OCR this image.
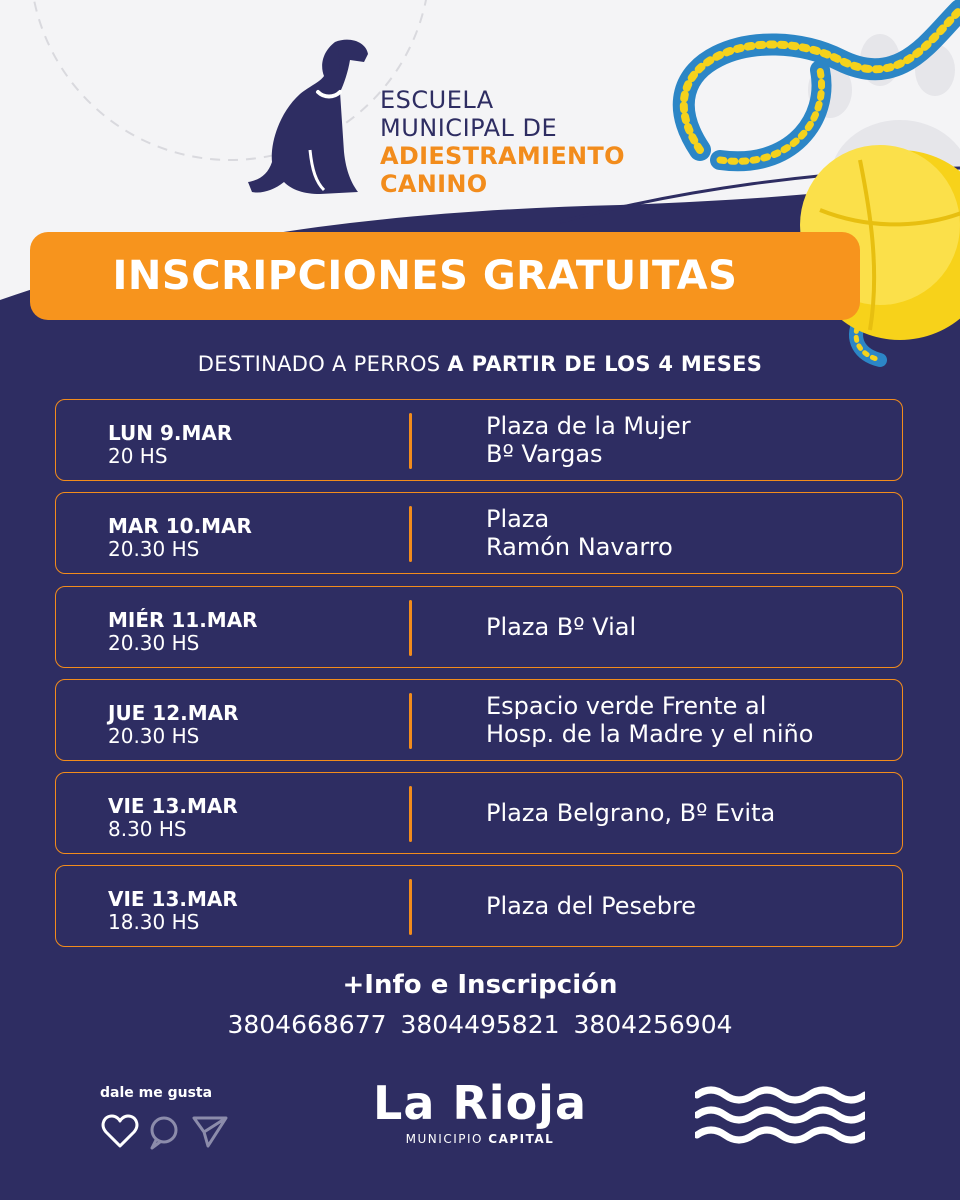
ESCUELA
MUNICIPAL DE
ADIESTRAMIENTO
CANINO
INSCRIPCIONES GRATUITAS
DESTINADO A PERROS A PARTIR DE LOS 4 MESES
LUN 9.MAR
20 HS
Plaza de la Mujer
Bº Vargas
MAR 10.MAR
20.30 HS
Plaza
Ramón Navarro
MIÉR 11.MAR
20.30 HS
Plaza Bº Vial
JUE 12.MAR
20.30 HS
Espacio verde Frente al
Hosp. de la Madre y el niño
VIE 13.MAR
8.30 HS
Plaza Belgrano, Bº Evita
VIE 13.MAR
18.30 HS
Plaza del Pesebre
+Info e Inscripción
3804668677 3804495821 3804256904
dale me gusta	La Rioja
MUNICIPIO CAPITAL
